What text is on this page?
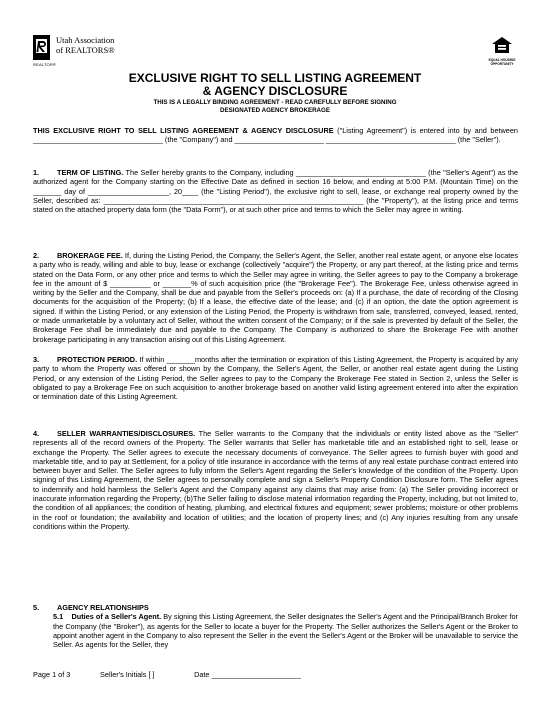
Utah Association
of REALTORS®
REALTOR®
EQUAL HOUSING OPPORTUNITY
EXCLUSIVE RIGHT TO SELL LISTING AGREEMENT
& AGENCY DISCLOSURE
THIS IS A LEGALLY BINDING AGREEMENT - READ CAREFULLY BEFORE SIGNING
DESIGNATED AGENCY BROKERAGE

THIS EXCLUSIVE RIGHT TO SELL LISTING AGREEMENT & AGENCY DISCLOSURE ("Listing Agreement") is entered into by and between ________________________________ (the "Company") and ______________________ ________________________________ (the "Seller").

1. TERM OF LISTING. The Seller hereby grants to the Company, including ________________________________ (the "Seller's Agent") as the authorized agent for the Company starting on the Effective Date as defined in section 16 below, and ending at 5:00 P.M. (Mountain Time) on the _______ day of ____________________, 20____ (the "Listing Period"), the exclusive right to sell, lease, or exchange real property owned by the Seller, described as: ________________________________________________________________ (the "Property"), at the listing price and terms stated on the attached property data form (the "Data Form"), or at such other price and terms to which the Seller may agree in writing.

2. BROKERAGE FEE. If, during the Listing Period, the Company, the Seller's Agent, the Seller, another real estate agent, or anyone else locates a party who is ready, willing and able to buy, lease or exchange (collectively "acquire") the Property, or any part thereof, at the listing price and terms stated on the Data Form, or any other price and terms to which the Seller may agree in writing, the Seller agrees to pay to the Company a brokerage fee in the amount of $ __________ or _______% of such acquisition price (the "Brokerage Fee"). The Brokerage Fee, unless otherwise agreed in writing by the Seller and the Company, shall be due and payable from the Seller's proceeds on: (a) If a purchase, the date of recording of the Closing documents for the acquisition of the Property; (b) If a lease, the effective date of the lease; and (c) if an option, the date the option agreement is signed. If within the Listing Period, or any extension of the Listing Period, the Property is withdrawn from sale, transferred, conveyed, leased, rented, or made unmarketable by a voluntary act of Seller, without the written consent of the Company; or if the sale is prevented by default of the Seller, the Brokerage Fee shall be immediately due and payable to the Company. The Company is authorized to share the Brokerage Fee with another brokerage participating in any transaction arising out of this Listing Agreement.

3. PROTECTION PERIOD. If within _______months after the termination or expiration of this Listing Agreement, the Property is acquired by any party to whom the Property was offered or shown by the Company, the Seller's Agent, the Seller, or another real estate agent during the Listing Period, or any extension of the Listing Period, the Seller agrees to pay to the Company the Brokerage Fee stated in Section 2, unless the Seller is obligated to pay a Brokerage Fee on such acquisition to another brokerage based on another valid listing agreement entered into after the expiration or termination date of this Listing Agreement.

4. SELLER WARRANTIES/DISCLOSURES. The Seller warrants to the Company that the individuals or entity listed above as the "Seller" represents all of the record owners of the Property. The Seller warrants that Seller has marketable title and an established right to sell, lease or exchange the Property. The Seller agrees to execute the necessary documents of conveyance. The Seller agrees to furnish buyer with good and marketable title, and to pay at Settlement, for a policy of title insurance in accordance with the terms of any real estate purchase contract entered into between buyer and Seller. The Seller agrees to fully inform the Seller's Agent regarding the Seller's knowledge of the condition of the Property. Upon signing of this Listing Agreement, the Seller agrees to personally complete and sign a Seller's Property Condition Disclosure form. The Seller agrees to indemnify and hold harmless the Seller's Agent and the Company against any claims that may arise from: (a) The Seller providing incorrect or inaccurate information regarding the Property; (b)The Seller failing to disclose material information regarding the Property, including, but not limited to, the condition of all appliances; the condition of heating, plumbing, and electrical fixtures and equipment; sewer problems; moisture or other problems in the roof or foundation; the availability and location of utilities; and the location of property lines; and (c) Any injuries resulting from any unsafe conditions within the Property.

5. AGENCY RELATIONSHIPS

5.1 Duties of a Seller's Agent. By signing this Listing Agreement, the Seller designates the Seller's Agent and the Principal/Branch Broker for the Company (the "Broker"), as agents for the Seller to locate a buyer for the Property. The Seller authorizes the Seller's Agent or the Broker to appoint another agent in the Company to also represent the Seller in the event the Seller's Agent or the Broker will be unavailable to service the Seller. As agents for the Seller, they

Page 1 of 3	Seller's Initials [ ]	Date ______________________
